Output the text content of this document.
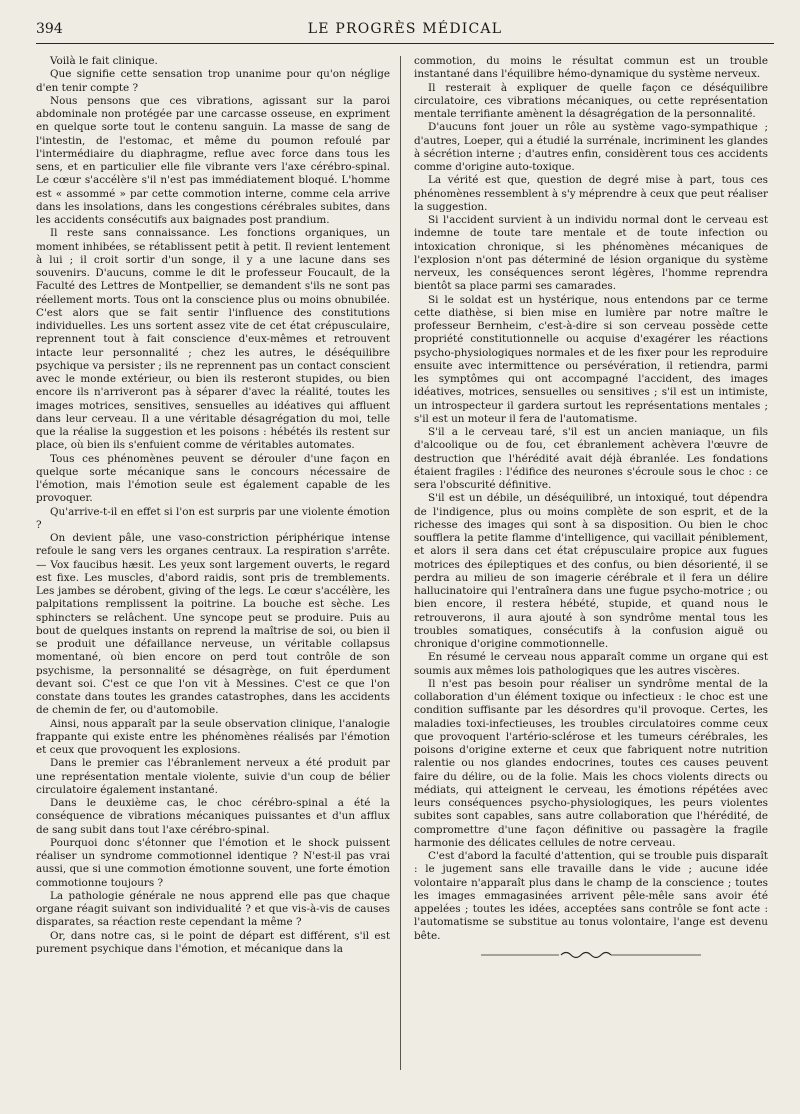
394	LE PROGRÈS MÉDICAL

Voilà le fait clinique.

Que signifie cette sensation trop unanime pour qu'on néglige d'en tenir compte ?

Nous pensons que ces vibrations, agissant sur la paroi abdominale non protégée par une carcasse osseuse, en expriment en quelque sorte tout le contenu sanguin. La masse de sang de l'intestin, de l'estomac, et même du poumon refoulé par l'intermédiaire du diaphragme, reflue avec force dans tous les sens, et en particulier elle file vibrante vers l'axe cérébro-spinal. Le cœur s'accélère s'il n'est pas immédiatement bloqué. L'homme est « assommé » par cette commotion interne, comme cela arrive dans les insolations, dans les congestions cérébrales subites, dans les accidents consécutifs aux baignades post prandium.

Il reste sans connaissance. Les fonctions organiques, un moment inhibées, se rétablissent petit à petit. Il revient lentement à lui ; il croit sortir d'un songe, il y a une lacune dans ses souvenirs. D'aucuns, comme le dit le professeur Foucault, de la Faculté des Lettres de Montpellier, se demandent s'ils ne sont pas réellement morts. Tous ont la conscience plus ou moins obnubilée. C'est alors que se fait sentir l'influence des constitutions individuelles. Les uns sortent assez vite de cet état crépusculaire, reprennent tout à fait conscience d'eux-mêmes et retrouvent intacte leur personnalité ; chez les autres, le déséquilibre psychique va persister ; ils ne reprennent pas un contact conscient avec le monde extérieur, ou bien ils resteront stupides, ou bien encore ils n'arriveront pas à séparer d'avec la réalité, toutes les images motrices, sensitives, sensuelles au idéatives qui affluent dans leur cerveau. Il a une véritable désagrégation du moi, telle que la réalise la suggestion et les poisons : hébétés ils restent sur place, où bien ils s'enfuient comme de véritables automates.

Tous ces phénomènes peuvent se dérouler d'une façon en quelque sorte mécanique sans le concours nécessaire de l'émotion, mais l'émotion seule est également capable de les provoquer.

Qu'arrive-t-il en effet si l'on est surpris par une violente émotion ?

On devient pâle, une vaso-constriction périphérique intense refoule le sang vers les organes centraux. La respiration s'arrête. — Vox faucibus hæsit. Les yeux sont largement ouverts, le regard est fixe. Les muscles, d'abord raidis, sont pris de tremblements. Les jambes se dérobent, giving of the legs. Le cœur s'accélère, les palpitations remplissent la poitrine. La bouche est sèche. Les sphincters se relâchent. Une syncope peut se produire. Puis au bout de quelques instants on reprend la maîtrise de soi, ou bien il se produit une défaillance nerveuse, un véritable collapsus momentané, où bien encore on perd tout contrôle de son psychisme, la personnalité se désagrège, on fuit éperdument devant soi. C'est ce que l'on vit à Messines. C'est ce que l'on constate dans toutes les grandes catastrophes, dans les accidents de chemin de fer, ou d'automobile.

Ainsi, nous apparaît par la seule observation clinique, l'analogie frappante qui existe entre les phénomènes réalisés par l'émotion et ceux que provoquent les explosions.

Dans le premier cas l'ébranlement nerveux a été produit par une représentation mentale violente, suivie d'un coup de bélier circulatoire également instantané.

Dans le deuxième cas, le choc cérébro-spinal a été la conséquence de vibrations mécaniques puissantes et d'un afflux de sang subit dans tout l'axe cérébro-spinal.

Pourquoi donc s'étonner que l'émotion et le shock puissent réaliser un syndrome commotionnel identique ? N'est-il pas vrai aussi, que si une commotion émotionne souvent, une forte émotion commotionne toujours ?

La pathologie générale ne nous apprend elle pas que chaque organe réagit suivant son individualité ? et que vis-à-vis de causes disparates, sa réaction reste cependant la même ?

Or, dans notre cas, si le point de départ est différent, s'il est purement psychique dans l'émotion, et mécanique dans la

commotion, du moins le résultat commun est un trouble instantané dans l'équilibre hémo-dynamique du système nerveux.

Il resterait à expliquer de quelle façon ce déséquilibre circulatoire, ces vibrations mécaniques, ou cette représentation mentale terrifiante amènent la désagrégation de la personnalité.

D'aucuns font jouer un rôle au système vago-sympathique ; d'autres, Loeper, qui a étudié la surrénale, incriminent les glandes à sécrétion interne ; d'autres enfin, considèrent tous ces accidents comme d'origine auto-toxique.

La vérité est que, question de degré mise à part, tous ces phénomènes ressemblent à s'y méprendre à ceux que peut réaliser la suggestion.

Si l'accident survient à un individu normal dont le cerveau est indemne de toute tare mentale et de toute infection ou intoxication chronique, si les phénomènes mécaniques de l'explosion n'ont pas déterminé de lésion organique du système nerveux, les conséquences seront légères, l'homme reprendra bientôt sa place parmi ses camarades.

Si le soldat est un hystérique, nous entendons par ce terme cette diathèse, si bien mise en lumière par notre maître le professeur Bernheim, c'est-à-dire si son cerveau possède cette propriété constitutionnelle ou acquise d'exagérer les réactions psycho-physiologiques normales et de les fixer pour les reproduire ensuite avec intermittence ou persévération, il retiendra, parmi les symptômes qui ont accompagné l'accident, des images idéatives, motrices, sensuelles ou sensitives ; s'il est un intimiste, un introspecteur il gardera surtout les représentations mentales ; s'il est un moteur il fera de l'automatisme.

S'il a le cerveau taré, s'il est un ancien maniaque, un fils d'alcoolique ou de fou, cet ébranlement achèvera l'œuvre de destruction que l'hérédité avait déjà ébranlée. Les fondations étaient fragiles : l'édifice des neurones s'écroule sous le choc : ce sera l'obscurité définitive.

S'il est un débile, un déséquilibré, un intoxiqué, tout dépendra de l'indigence, plus ou moins complète de son esprit, et de la richesse des images qui sont à sa disposition. Ou bien le choc soufflera la petite flamme d'intelligence, qui vacillait péniblement, et alors il sera dans cet état crépusculaire propice aux fugues motrices des épileptiques et des confus, ou bien désorienté, il se perdra au milieu de son imagerie cérébrale et il fera un délire hallucinatoire qui l'entraînera dans une fugue psycho-motrice ; ou bien encore, il restera hébété, stupide, et quand nous le retrouverons, il aura ajouté à son syndrôme mental tous les troubles somatiques, consécutifs à la confusion aiguë ou chronique d'origine commotionnelle.

En résumé le cerveau nous apparaît comme un organe qui est soumis aux mêmes lois pathologiques que les autres viscères.

Il n'est pas besoin pour réaliser un syndrôme mental de la collaboration d'un élément toxique ou infectieux : le choc est une condition suffisante par les désordres qu'il provoque. Certes, les maladies toxi-infectieuses, les troubles circulatoires comme ceux que provoquent l'artério-sclérose et les tumeurs cérébrales, les poisons d'origine externe et ceux que fabriquent notre nutrition ralentie ou nos glandes endocrines, toutes ces causes peuvent faire du délire, ou de la folie. Mais les chocs violents directs ou médiats, qui atteignent le cerveau, les émotions répétées avec leurs conséquences psycho-physiologiques, les peurs violentes subites sont capables, sans autre collaboration que l'hérédité, de compromettre d'une façon définitive ou passagère la fragile harmonie des délicates cellules de notre cerveau.

C'est d'abord la faculté d'attention, qui se trouble puis disparaît : le jugement sans elle travaille dans le vide ; aucune idée volontaire n'apparaît plus dans le champ de la conscience ; toutes les images emmagasinées arrivent pêle-mêle sans avoir été appelées ; toutes les idées, acceptées sans contrôle se font acte : l'automatisme se substitue au tonus volontaire, l'ange est devenu bête.
